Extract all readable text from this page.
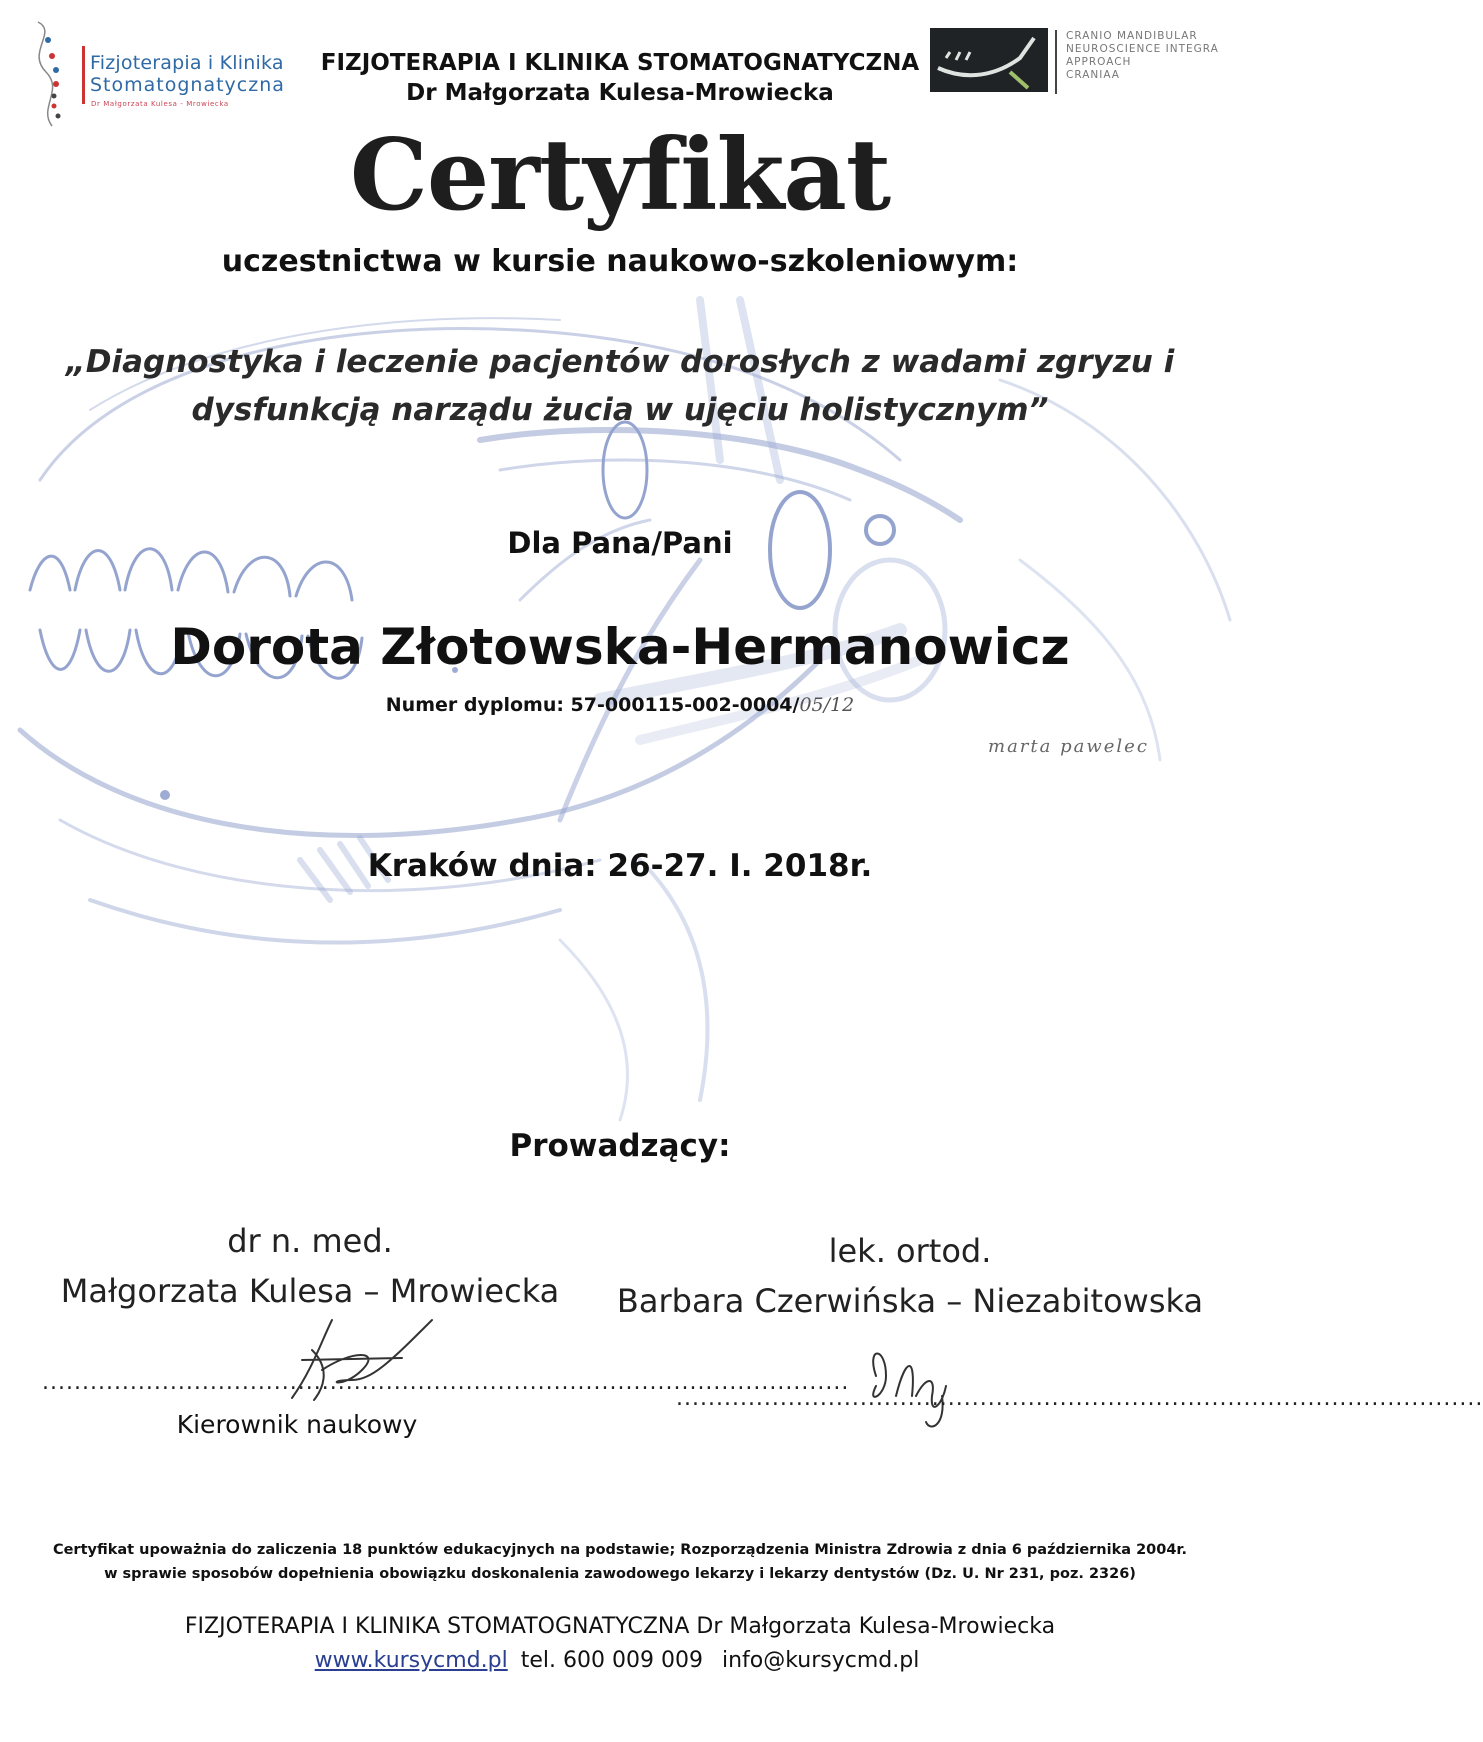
Fizjoterapia i Klinika
Stomatognatyczna
Dr Małgorzata Kulesa - Mrowiecka
FIZJOTERAPIA I KLINIKA STOMATOGNATYCZNA
Dr Małgorzata Kulesa-Mrowiecka
CRANIO MANDIBULAR
NEUROSCIENCE INTEGRA
APPROACH
CRANIAA
Certyfikat
uczestnictwa w kursie naukowo-szkoleniowym:
„Diagnostyka i leczenie pacjentów dorosłych z wadami zgryzu i
dysfunkcją narządu żucia w ujęciu holistycznym”
Dla Pana/Pani
Dorota Złotowska-Hermanowicz
Numer dyplomu: 57-000115-002-0004/05/12
marta pawelec
Kraków dnia: 26-27. I. 2018r.
Prowadzący:
dr n. med.
Małgorzata Kulesa – Mrowiecka
lek. ortod.
Barbara Czerwińska – Niezabitowska
.....................................................................................................
Kierownik naukowy
.....................................................................................................
Certyfikat upoważnia do zaliczenia 18 punktów edukacyjnych na podstawie; Rozporządzenia Ministra Zdrowia z dnia 6 października 2004r.
w sprawie sposobów dopełnienia obowiązku doskonalenia zawodowego lekarzy i lekarzy dentystów (Dz. U. Nr 231, poz. 2326)
FIZJOTERAPIA I KLINIKA STOMATOGNATYCZNA Dr Małgorzata Kulesa-Mrowiecka
www.kursycmd.pl tel. 600 009 009 info@kursycmd.pl
